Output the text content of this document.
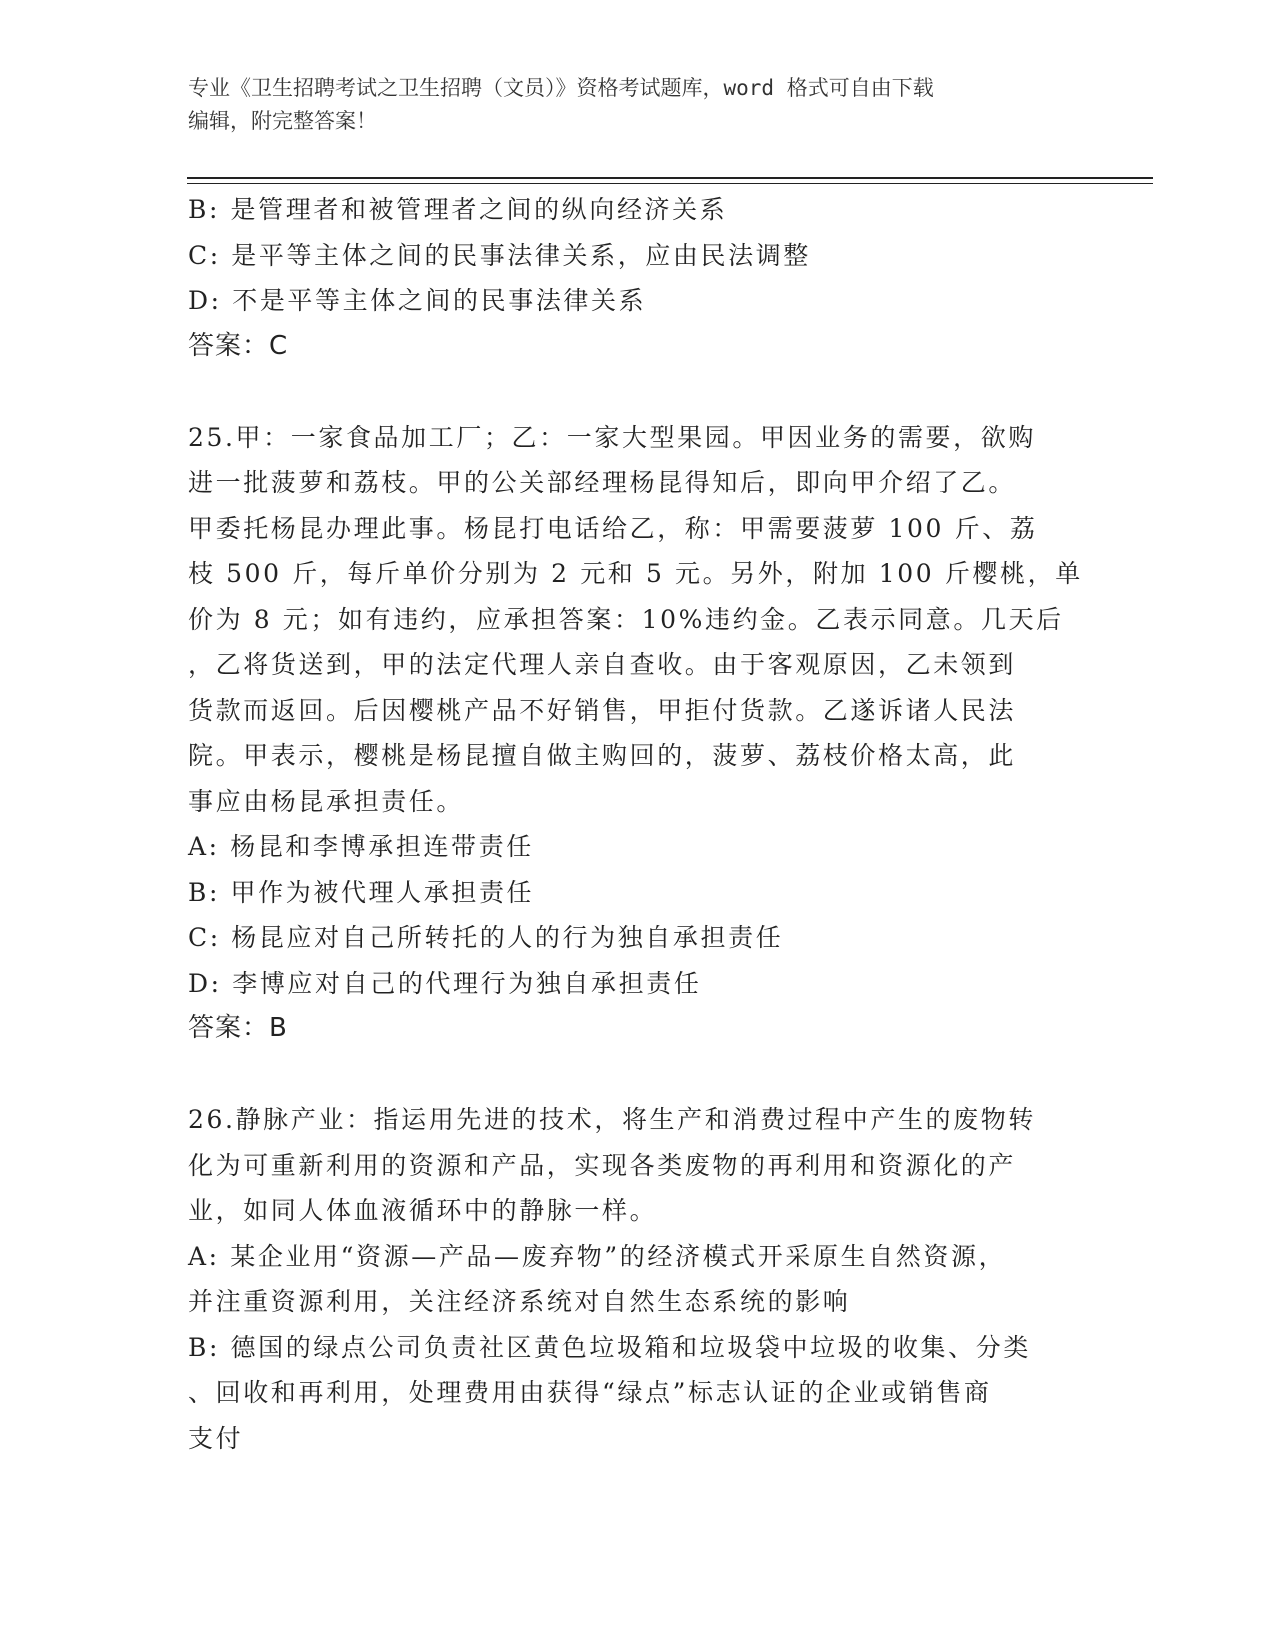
专业《卫生招聘考试之卫生招聘（文员）》资格考试题库，word 格式可自由下载
编辑，附完整答案！
B: 是管理者和被管理者之间的纵向经济关系
C: 是平等主体之间的民事法律关系，应由民法调整
D: 不是平等主体之间的民事法律关系
答案：C
25.甲：一家食品加工厂；乙：一家大型果园。甲因业务的需要，欲购
进一批菠萝和荔枝。甲的公关部经理杨昆得知后，即向甲介绍了乙。
甲委托杨昆办理此事。杨昆打电话给乙，称：甲需要菠萝 100 斤、荔
枝 500 斤，每斤单价分别为 2 元和 5 元。另外，附加 100 斤樱桃，单
价为 8 元；如有违约，应承担答案：10%违约金。乙表示同意。几天后
，乙将货送到，甲的法定代理人亲自查收。由于客观原因，乙未领到
货款而返回。后因樱桃产品不好销售，甲拒付货款。乙遂诉诸人民法
院。甲表示，樱桃是杨昆擅自做主购回的，菠萝、荔枝价格太高，此
事应由杨昆承担责任。
A: 杨昆和李博承担连带责任
B: 甲作为被代理人承担责任
C: 杨昆应对自己所转托的人的行为独自承担责任
D: 李博应对自己的代理行为独自承担责任
答案：B
26.静脉产业：指运用先进的技术，将生产和消费过程中产生的废物转
化为可重新利用的资源和产品，实现各类废物的再利用和资源化的产
业，如同人体血液循环中的静脉一样。
A: 某企业用“资源—产品—废弃物”的经济模式开采原生自然资源，
并注重资源利用，关注经济系统对自然生态系统的影响
B: 德国的绿点公司负责社区黄色垃圾箱和垃圾袋中垃圾的收集、分类
、回收和再利用，处理费用由获得“绿点”标志认证的企业或销售商
支付
